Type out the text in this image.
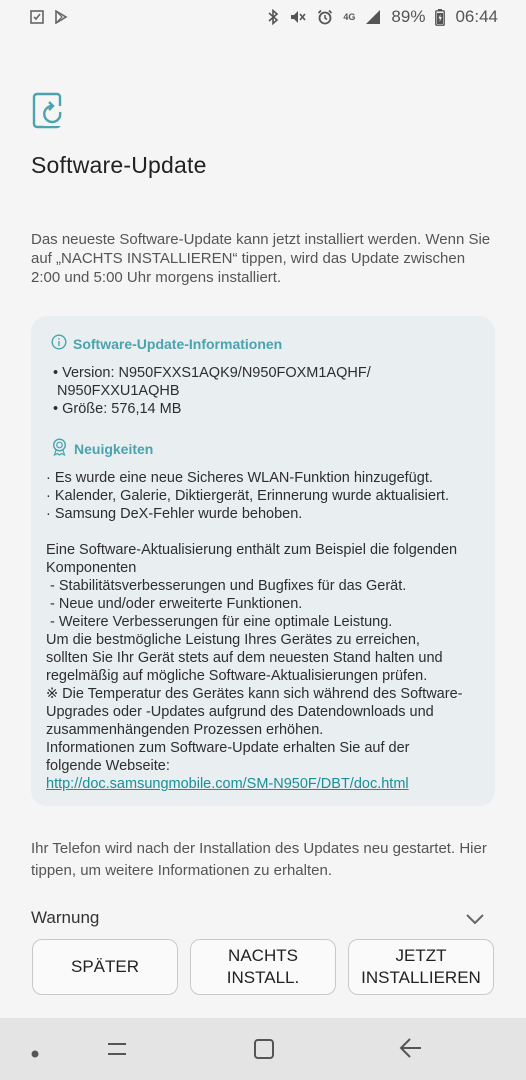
4G 89% 06:44
Software-Update
Das neueste Software-Update kann jetzt installiert werden. Wenn Sie auf „NACHTS INSTALLIEREN“ tippen, wird das Update zwischen 2:00 und 5:00 Uhr morgens installiert.
Software-Update-Informationen
• Version: N950FXXS1AQK9/N950FOXM1AQHF/
N950FXXU1AQHB
• Größe: 576,14 MB
Neuigkeiten
· Es wurde eine neue Sicheres WLAN-Funktion hinzugefügt.
· Kalender, Galerie, Diktiergerät, Erinnerung wurde aktualisiert.
· Samsung DeX-Fehler wurde behoben.
Eine Software-Aktualisierung enthält zum Beispiel die folgenden
Komponenten
- Stabilitätsverbesserungen und Bugfixes für das Gerät.
- Neue und/oder erweiterte Funktionen.
- Weitere Verbesserungen für eine optimale Leistung.
Um die bestmögliche Leistung Ihres Gerätes zu erreichen,
sollten Sie Ihr Gerät stets auf dem neuesten Stand halten und
regelmäßig auf mögliche Software-Aktualisierungen prüfen.
※ Die Temperatur des Gerätes kann sich während des Software-
Upgrades oder -Updates aufgrund des Datendownloads und
zusammenhängenden Prozessen erhöhen.
Informationen zum Software-Update erhalten Sie auf der
folgende Webseite:
http://doc.samsungmobile.com/SM-N950F/DBT/doc.html
Ihr Telefon wird nach der Installation des Updates neu gestartet. Hier tippen, um weitere Informationen zu erhalten.
Warnung
SPÄTER
NACHTS
INSTALL.
JETZT
INSTALLIEREN
